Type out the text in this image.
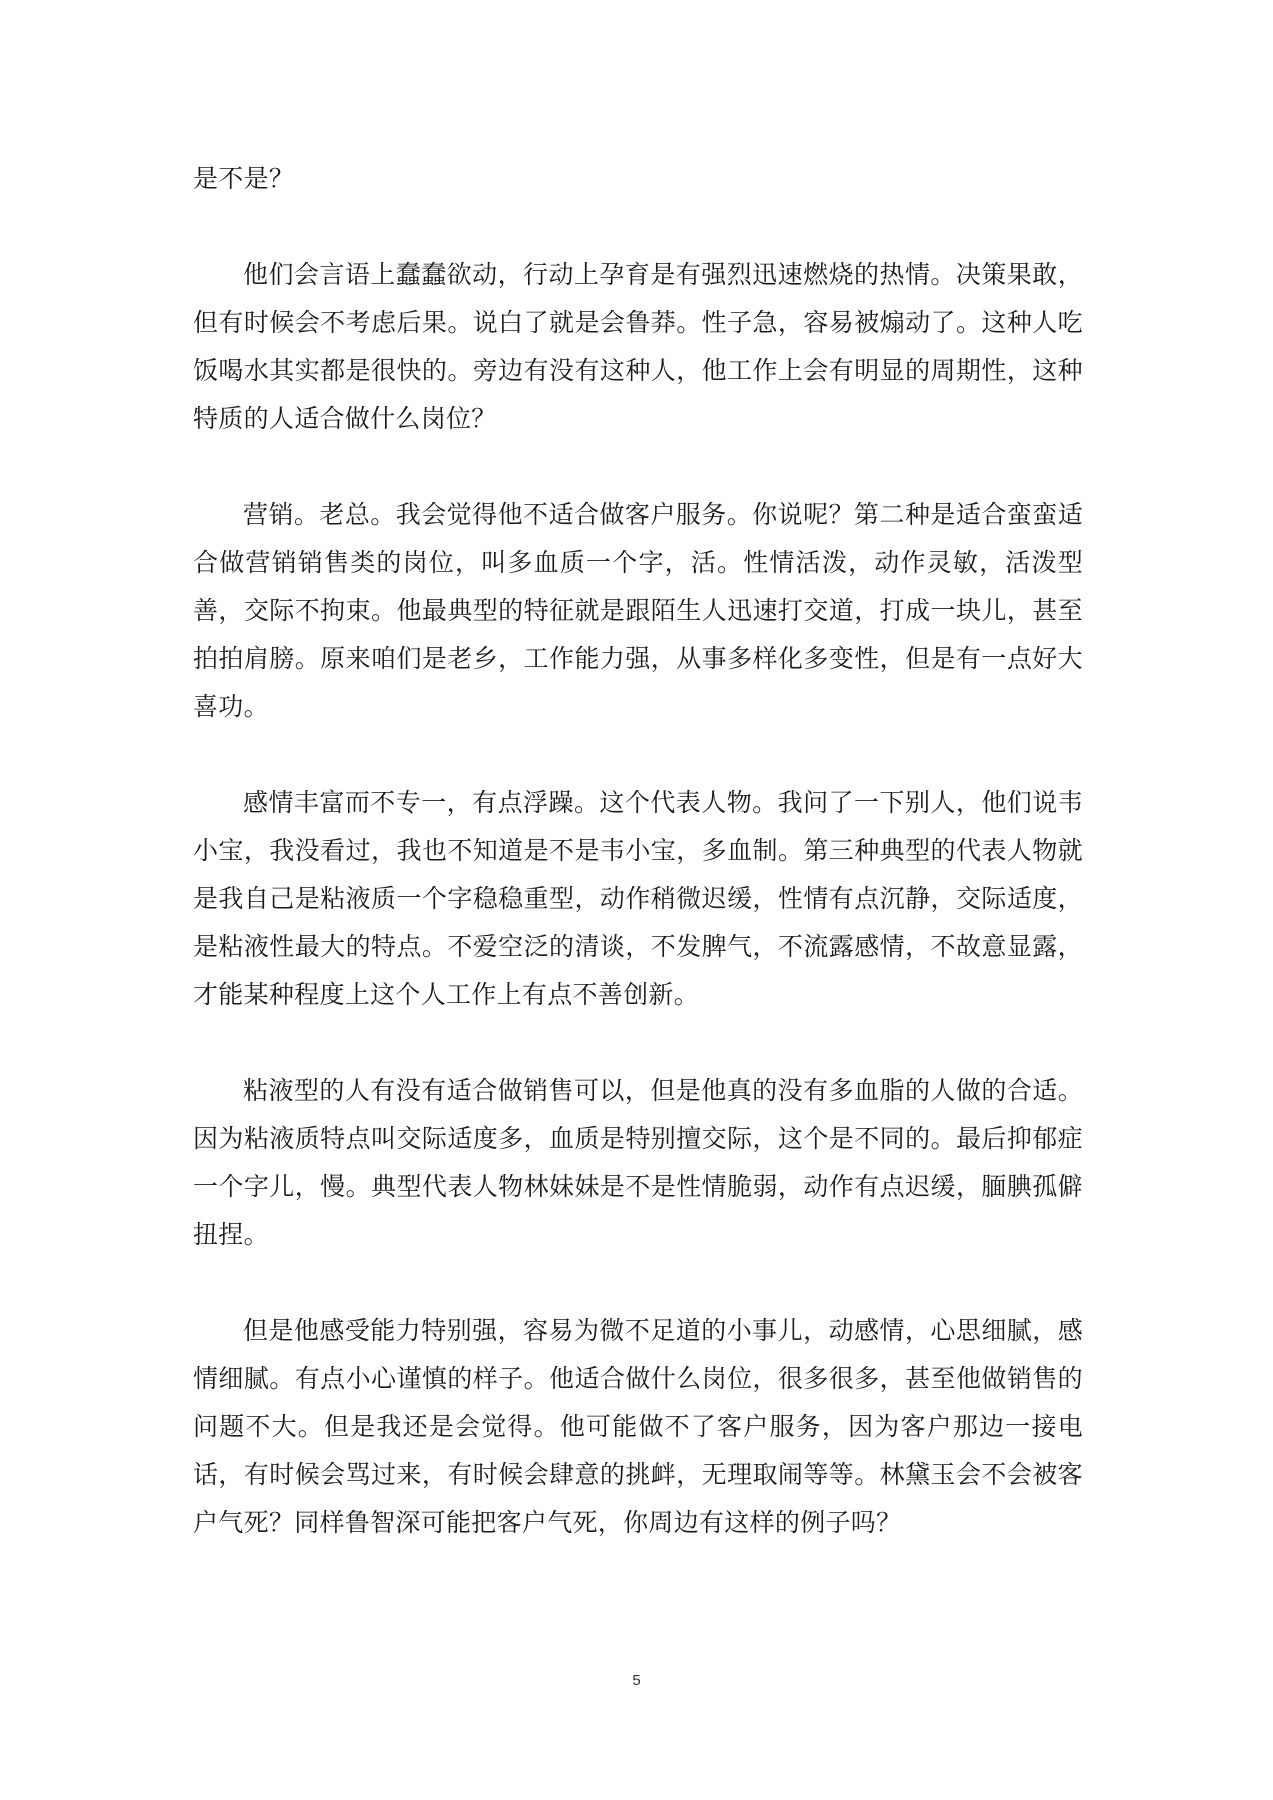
是不是？

他们会言语上蠢蠢欲动，行动上孕育是有强烈迅速燃烧的热情。决策果敢，但有时候会不考虑后果。说白了就是会鲁莽。性子急，容易被煽动了。这种人吃饭喝水其实都是很快的。旁边有没有这种人，他工作上会有明显的周期性，这种特质的人适合做什么岗位？

营销。老总。我会觉得他不适合做客户服务。你说呢？第二种是适合蛮蛮适合做营销销售类的岗位，叫多血质一个字，活。性情活泼，动作灵敏，活泼型善，交际不拘束。他最典型的特征就是跟陌生人迅速打交道，打成一块儿，甚至拍拍肩膀。原来咱们是老乡，工作能力强，从事多样化多变性，但是有一点好大喜功。

感情丰富而不专一，有点浮躁。这个代表人物。我问了一下别人，他们说韦小宝，我没看过，我也不知道是不是韦小宝，多血制。第三种典型的代表人物就是我自己是粘液质一个字稳稳重型，动作稍微迟缓，性情有点沉静，交际适度，是粘液性最大的特点。不爱空泛的清谈，不发脾气，不流露感情，不故意显露，才能某种程度上这个人工作上有点不善创新。

粘液型的人有没有适合做销售可以，但是他真的没有多血脂的人做的合适。因为粘液质特点叫交际适度多，血质是特别擅交际，这个是不同的。最后抑郁症一个字儿，慢。典型代表人物林妹妹是不是性情脆弱，动作有点迟缓，腼腆孤僻扭捏。

但是他感受能力特别强，容易为微不足道的小事儿，动感情，心思细腻，感情细腻。有点小心谨慎的样子。他适合做什么岗位，很多很多，甚至他做销售的问题不大。但是我还是会觉得。他可能做不了客户服务，因为客户那边一接电话，有时候会骂过来，有时候会肆意的挑衅，无理取闹等等。林黛玉会不会被客户气死？同样鲁智深可能把客户气死，你周边有这样的例子吗？

5
